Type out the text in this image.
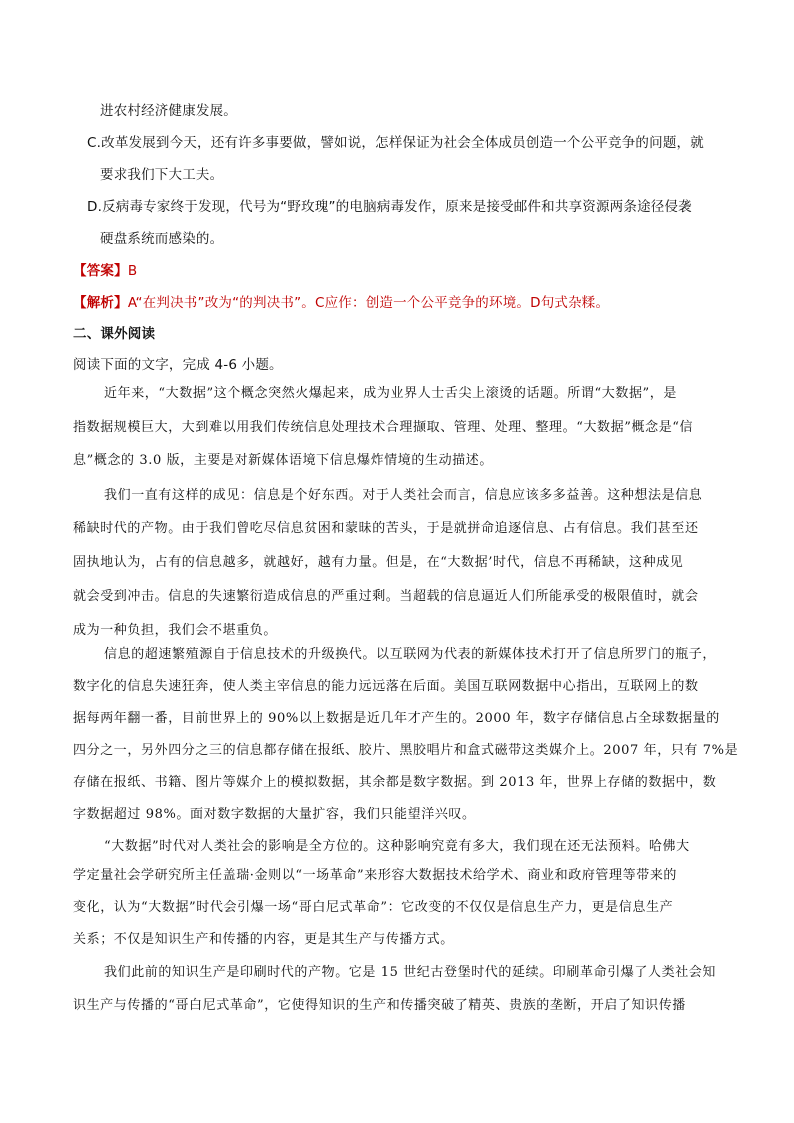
进农村经济健康发展。
C.改革发展到今天，还有许多事要做，譬如说，怎样保证为社会全体成员创造一个公平竞争的问题，就
要求我们下大工夫。
D.反病毒专家终于发现，代号为“野玫瑰”的电脑病毒发作，原来是接受邮件和共享资源两条途径侵袭
硬盘系统而感染的。
【答案】B
【解析】A“在判决书”改为“的判决书”。C应作：创造一个公平竞争的环境。D句式杂糅。
二、课外阅读
阅读下面的文字，完成 4-6 小题。
近年来，“大数据”这个概念突然火爆起来，成为业界人士舌尖上滚烫的话题。所谓“大数据”，是
指数据规模巨大，大到难以用我们传统信息处理技术合理撷取、管理、处理、整理。“大数据”概念是“信
息”概念的 3.0 版，主要是对新媒体语境下信息爆炸情境的生动描述。
我们一直有这样的成见：信息是个好东西。对于人类社会而言，信息应该多多益善。这种想法是信息
稀缺时代的产物。由于我们曾吃尽信息贫困和蒙昧的苦头，于是就拼命追逐信息、占有信息。我们甚至还
固执地认为，占有的信息越多，就越好，越有力量。但是，在“大数据’时代，信息不再稀缺，这种成见
就会受到冲击。信息的失速繁衍造成信息的严重过剩。当超载的信息逼近人们所能承受的极限值时，就会
成为一种负担，我们会不堪重负。
信息的超速繁殖源自于信息技术的升级换代。以互联网为代表的新媒体技术打开了信息所罗门的瓶子，
数字化的信息失速狂奔，使人类主宰信息的能力远远落在后面。美国互联网数据中心指出，互联网上的数
据每两年翻一番，目前世界上的 90%以上数据是近几年才产生的。2000 年，数字存储信息占全球数据量的
四分之一，另外四分之三的信息都存储在报纸、胶片、黑胶唱片和盒式磁带这类媒介上。2007 年，只有 7%是
存储在报纸、书籍、图片等媒介上的模拟数据，其余都是数字数据。到 2013 年，世界上存储的数据中，数
字数据超过 98%。面对数字数据的大量扩容，我们只能望洋兴叹。
“大数据”时代对人类社会的影响是全方位的。这种影响究竟有多大，我们现在还无法预料。哈佛大
学定量社会学研究所主任盖瑞·金则以“一场革命”来形容大数据技术给学术、商业和政府管理等带来的
变化，认为“大数据”时代会引爆一场“哥白尼式革命”：它改变的不仅仅是信息生产力，更是信息生产
关系；不仅是知识生产和传播的内容，更是其生产与传播方式。
我们此前的知识生产是印刷时代的产物。它是 15 世纪古登堡时代的延续。印刷革命引爆了人类社会知
识生产与传播的“哥白尼式革命”，它使得知识的生产和传播突破了精英、贵族的垄断，开启了知识传播
